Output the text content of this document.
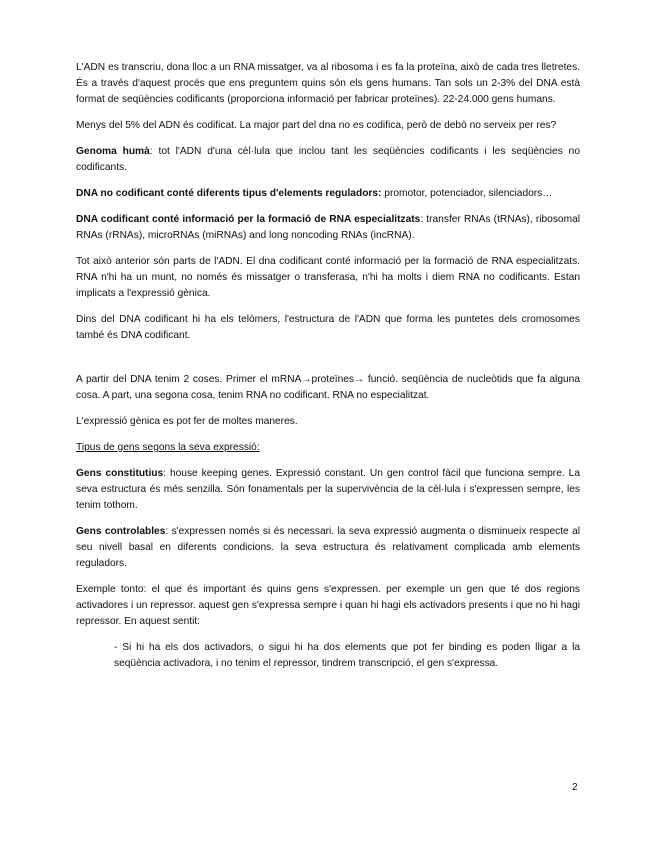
L'ADN es transcriu, dona lloc a un RNA missatger, va al ribosoma i es fa la proteïna, això de cada tres lletretes. És a través d'aquest procés que ens preguntem quins són els gens humans. Tan sols un 2-3% del DNA està format de seqüències codificants (proporciona informació per fabricar proteïnes). 22-24.000 gens humans.

Menys del 5% del ADN és codificat. La major part del dna no es codifica, però de debò no serveix per res?

Genoma humà: tot l'ADN d'una cèl·lula que inclou tant les seqüències codificants i les seqüències no codificants.

DNA no codificant conté diferents tipus d'elements reguladors: promotor, potenciador, silenciadors…

DNA codificant conté informació per la formació de RNA especialitzats: transfer RNAs (tRNAs), ribosomal RNAs (rRNAs), microRNAs (miRNAs) and long noncoding RNAs (incRNA).

Tot això anterior són parts de l'ADN. El dna codificant conté informació per la formació de RNA especialitzats. RNA n'hi ha un munt, no només és missatger o transferasa, n'hi ha molts i diem RNA no codificants. Estan implicats a l'expressió gènica.

Dins del DNA codificant hi ha els telòmers, l'estructura de l'ADN que forma les puntetes dels cromosomes també és DNA codificant.

A partir del DNA tenim 2 coses. Primer el mRNA→proteïnes→ funció. seqüència de nucleòtids que fa alguna cosa. A part, una segona cosa, tenim RNA no codificant. RNA no especialitzat.

L'expressió gènica es pot fer de moltes maneres.

Tipus de gens segons la seva expressió:

Gens constitutius: house keeping genes. Expressió constant. Un gen control fàcil que funciona sempre. La seva estructura és més senzilla. Són fonamentals per la supervivència de la cèl·lula i s'expressen sempre, les tenim tothom.

Gens controlables: s'expressen només si és necessari. la seva expressió augmenta o disminueix respecte al seu nivell basal en diferents condicions. la seva estructura és relativament complicada amb elements reguladors.

Exemple tonto: el que és important és quins gens s'expressen. per exemple un gen que té dos regions activadores i un repressor. aquest gen s'expressa sempre i quan hi hagi els activadors presents i que no hi hagi repressor. En aquest sentit:

- Si hi ha els dos activadors, o sigui hi ha dos elements que pot fer binding es poden lligar a la seqüència activadora, i no tenim el repressor, tindrem transcripció, el gen s'expressa.

2
